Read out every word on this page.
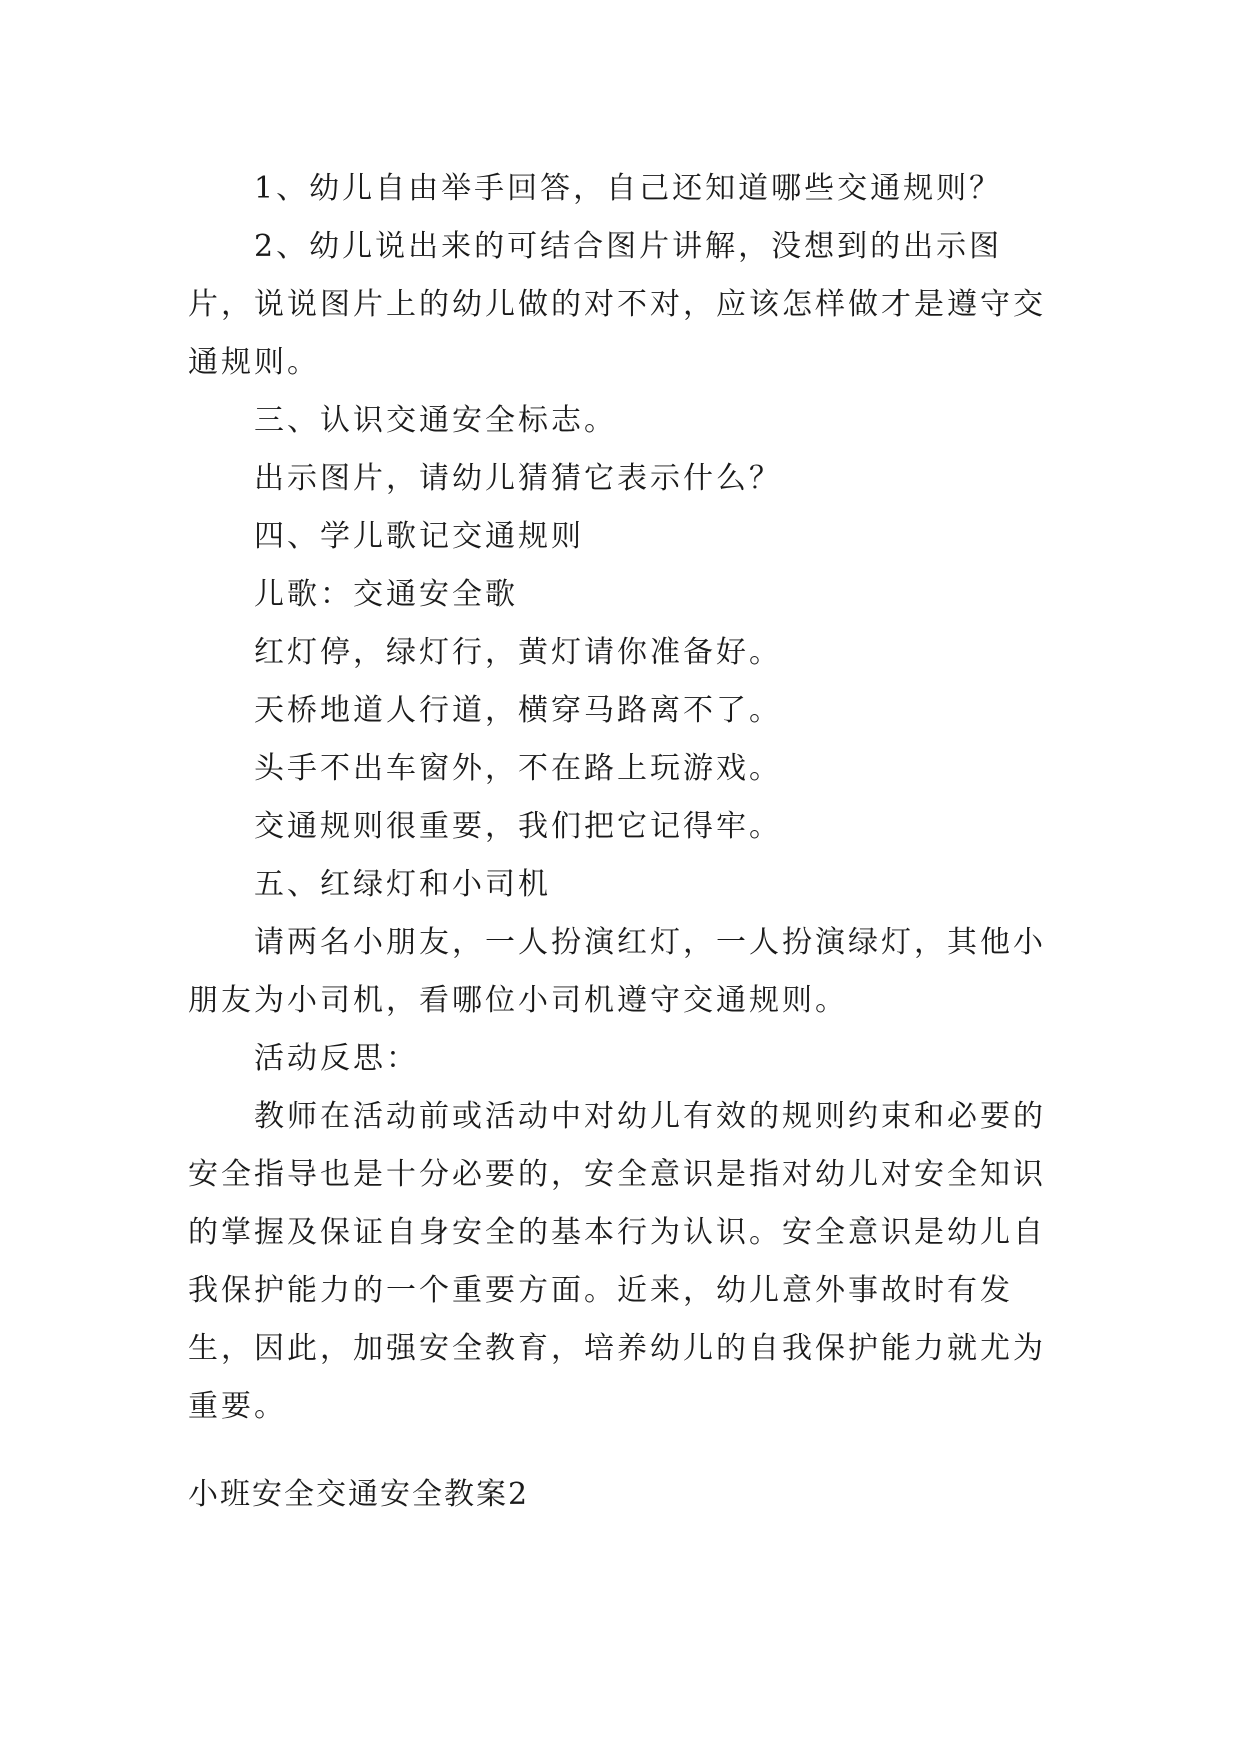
1、幼儿自由举手回答，自己还知道哪些交通规则？

2、幼儿说出来的可结合图片讲解，没想到的出示图片，说说图片上的幼儿做的对不对，应该怎样做才是遵守交通规则。

三、认识交通安全标志。

出示图片，请幼儿猜猜它表示什么？

四、学儿歌记交通规则

儿歌：交通安全歌

红灯停，绿灯行，黄灯请你准备好。

天桥地道人行道，横穿马路离不了。

头手不出车窗外，不在路上玩游戏。

交通规则很重要，我们把它记得牢。

五、红绿灯和小司机

请两名小朋友，一人扮演红灯，一人扮演绿灯，其他小朋友为小司机，看哪位小司机遵守交通规则。

活动反思：

教师在活动前或活动中对幼儿有效的规则约束和必要的安全指导也是十分必要的，安全意识是指对幼儿对安全知识的掌握及保证自身安全的基本行为认识。安全意识是幼儿自我保护能力的一个重要方面。近来，幼儿意外事故时有发生，因此，加强安全教育，培养幼儿的自我保护能力就尤为重要。

小班安全交通安全教案2
